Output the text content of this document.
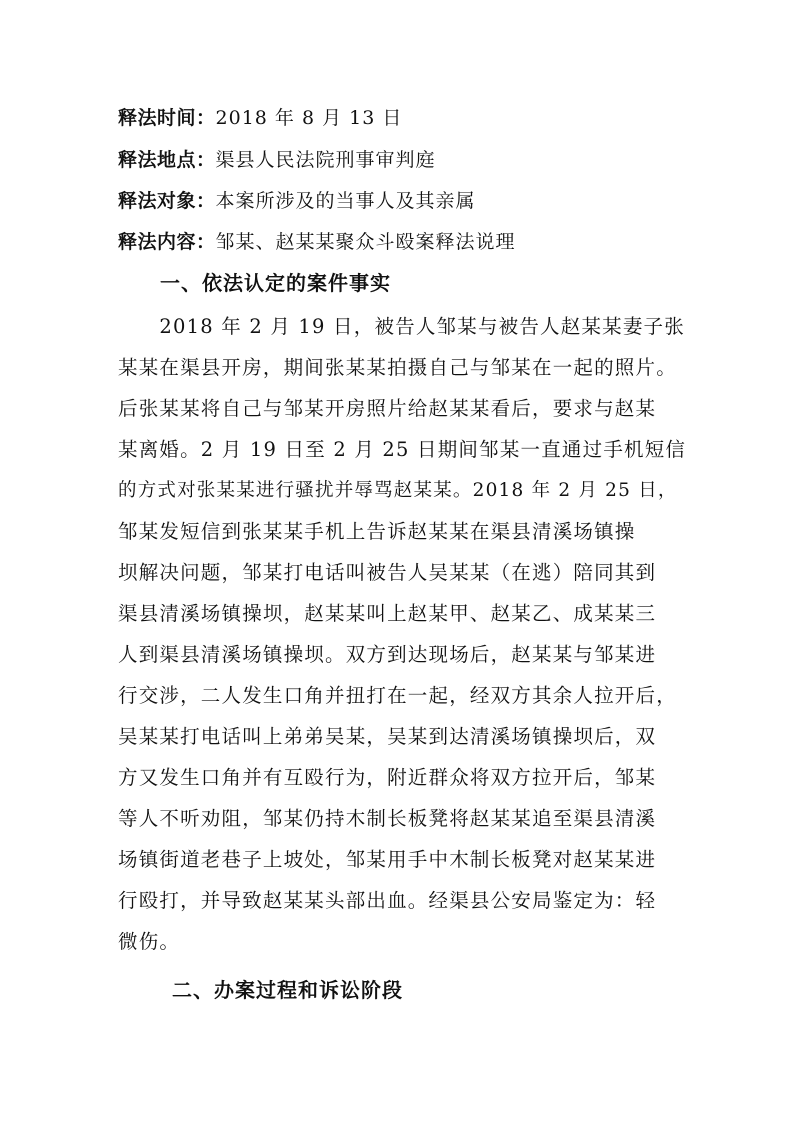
释法时间：2018 年 8 月 13 日
释法地点：渠县人民法院刑事审判庭
释法对象：本案所涉及的当事人及其亲属
释法内容：邹某、赵某某聚众斗殴案释法说理
一、依法认定的案件事实
　　2018 年 2 月 19 日，被告人邹某与被告人赵某某妻子张
某某在渠县开房，期间张某某拍摄自己与邹某在一起的照片。
后张某某将自己与邹某开房照片给赵某某看后，要求与赵某
某离婚。2 月 19 日至 2 月 25 日期间邹某一直通过手机短信
的方式对张某某进行骚扰并辱骂赵某某。2018 年 2 月 25 日，
邹某发短信到张某某手机上告诉赵某某在渠县清溪场镇操
坝解决问题，邹某打电话叫被告人吴某某（在逃）陪同其到
渠县清溪场镇操坝，赵某某叫上赵某甲、赵某乙、成某某三
人到渠县清溪场镇操坝。双方到达现场后，赵某某与邹某进
行交涉，二人发生口角并扭打在一起，经双方其余人拉开后，
吴某某打电话叫上弟弟吴某，吴某到达清溪场镇操坝后，双
方又发生口角并有互殴行为，附近群众将双方拉开后，邹某
等人不听劝阻，邹某仍持木制长板凳将赵某某追至渠县清溪
场镇街道老巷子上坡处，邹某用手中木制长板凳对赵某某进
行殴打，并导致赵某某头部出血。经渠县公安局鉴定为：轻
微伤。
二、办案过程和诉讼阶段
